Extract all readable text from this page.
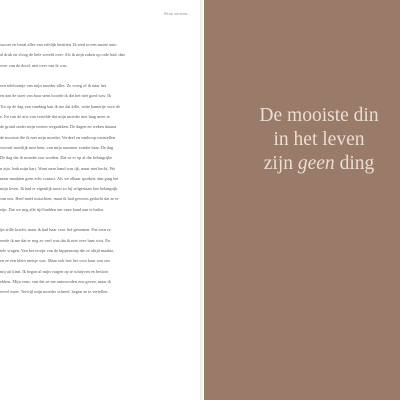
Kinu verteen...

succes en bezat alles van erfelijk bezitten. Ik reed in een moeie auto
al druk en vloog de hele wereld over. Als ik mijn zaken op orde had, dan
over van de dood, niet over van ik was.

een telefoontje van mijn moeder alles. Ze vroeg of ik naar het
en aan de stoet van haar stem hoorde ik dat het niet goed was. Ik
Tot op de dag van vandaag kan ik me dat kille, witte kamertje voor de
e. En van de arts van vertelde dat mijn moeder niet lang meer te
de grond onder mijn voeten wegzakken. De dagen en weken daarna
de mooiste die ik met mijn moeder. Verdeel en vanhoop vaststellen
voorral moeilijk mee bent, van mijn nazomer zonder haar. De dag
De dag dat ik moeder zou worden. Dat ze er op al die belangrijke
n zijn, leuk mijn hart. Want onze band was ijk, maar niet hecht. We
maar maakten geen echt contact. Als we elkaar spraken, dan ging het
mijn leven. Ik had er eigenlijk nooit zo bij stilgestaan hoe belangrijk
van ons. Heel naïef misschien, maar ik had gewoon gedacht dat ze er
zijn. Dat we nog alle tijd hadden om onze band aan te halen.

ijn stille kracht, maar ik had haar voor lief genomen. Pas toen ze
erede ik me dat er nog zo veel was dat ik niet over haar wist. En
tele vragen. Van het recept van de kippensoep die ze altijd maakte,
en ze een klein meisje was. Maar ook hoe het voor haar was om
mij uit kind. Ik begon al mijn vragen op te schrijven en besloot
ebben. Mijn vens: van dat ze me antwoorden zou geven, maar ik
eovel meer. Terwijl mijn moeder schreef, begon ze te vertellen.

De mooiste din
in het leven
zijn geen ding
